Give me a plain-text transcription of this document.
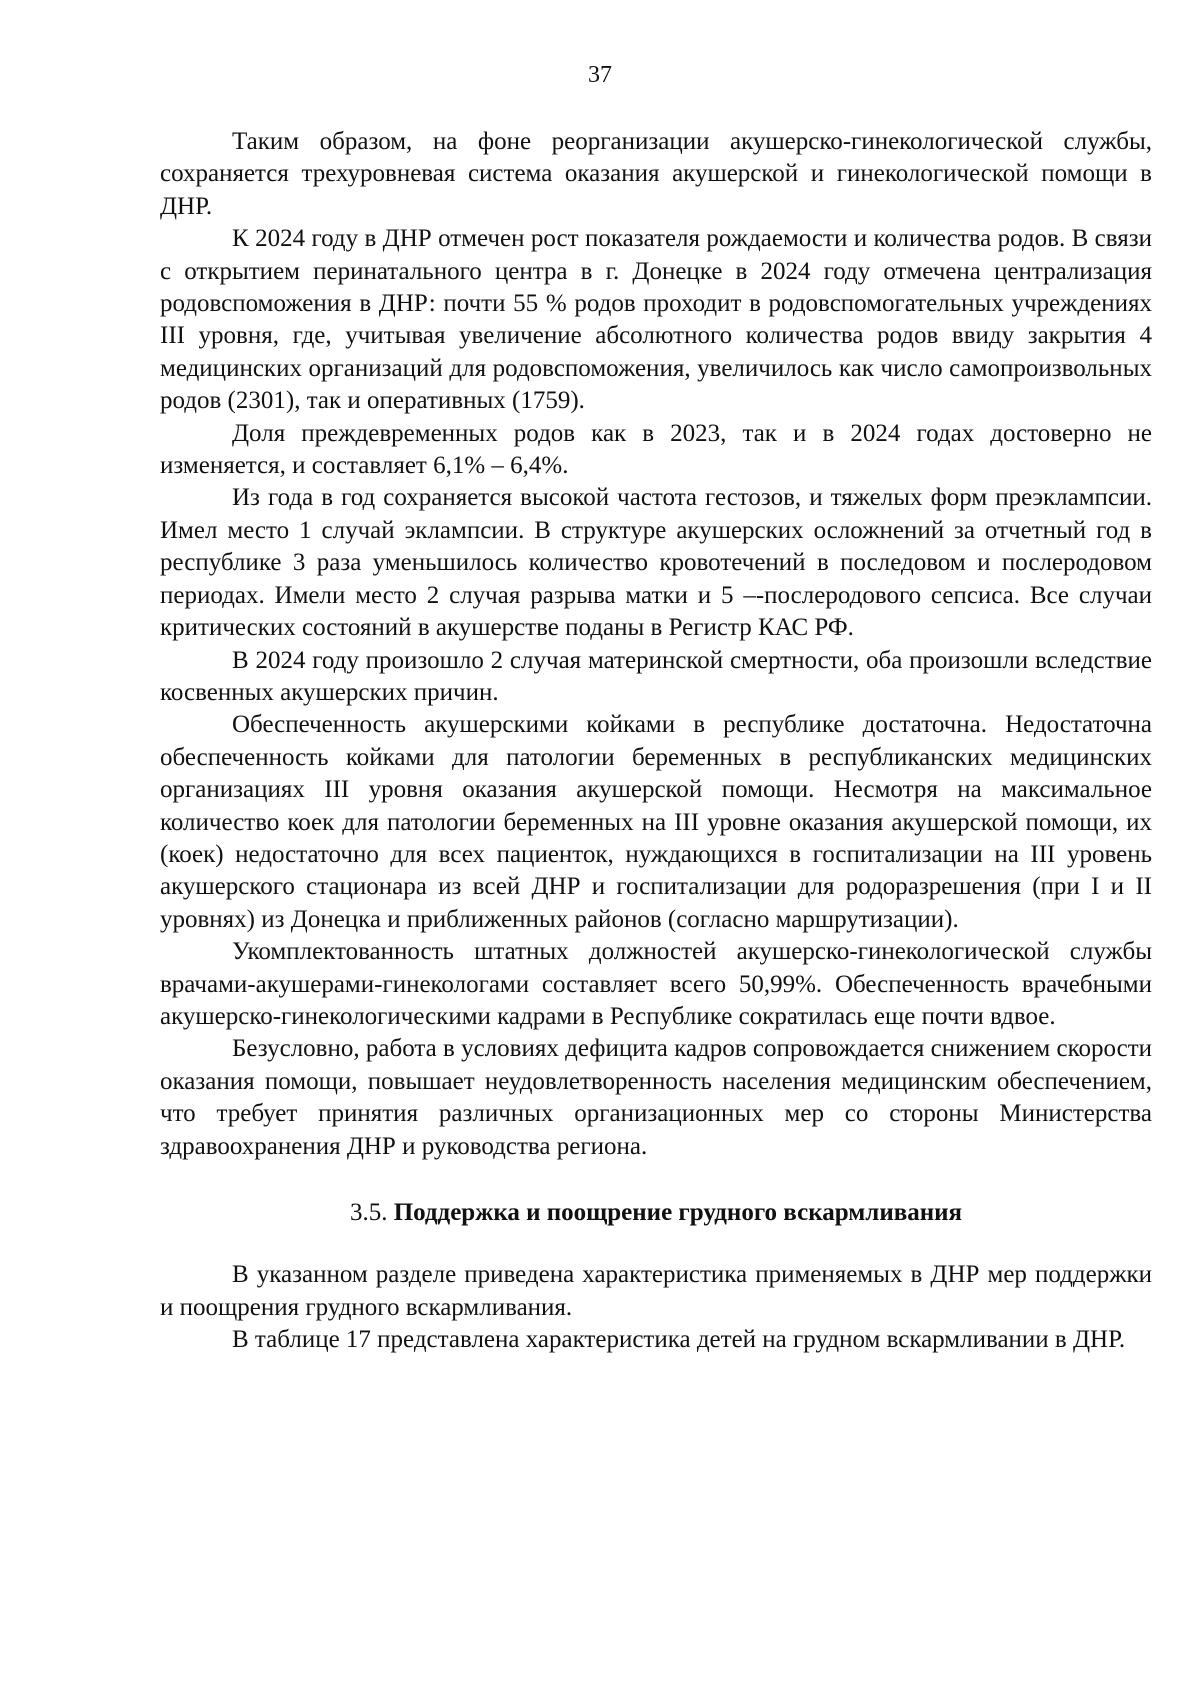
37

Таким образом, на фоне реорганизации акушерско-гинекологической службы, сохраняется трехуровневая система оказания акушерской и гинекологической помощи в ДНР.

К 2024 году в ДНР отмечен рост показателя рождаемости и количества родов. В связи с открытием перинатального центра в г. Донецке в 2024 году отмечена централизация родовспоможения в ДНР: почти 55 % родов проходит в родовспомогательных учреждениях III уровня, где, учитывая увеличение абсолютного количества родов ввиду закрытия 4 медицинских организаций для родовспоможения, увеличилось как число самопроизвольных родов (2301), так и оперативных (1759).

Доля преждевременных родов как в 2023, так и в 2024 годах достоверно не изменяется, и составляет 6,1% – 6,4%.

Из года в год сохраняется высокой частота гестозов, и тяжелых форм преэклампсии. Имел место 1 случай эклампсии. В структуре акушерских осложнений за отчетный год в республике 3 раза уменьшилось количество кровотечений в последовом и послеродовом периодах. Имели место 2 случая разрыва матки и 5 –-послеродового сепсиса. Все случаи критических состояний в акушерстве поданы в Регистр КАС РФ.

В 2024 году произошло 2 случая материнской смертности, оба произошли вследствие косвенных акушерских причин.

Обеспеченность акушерскими койками в республике достаточна. Недостаточна обеспеченность койками для патологии беременных в республиканских медицинских организациях III уровня оказания акушерской помощи. Несмотря на максимальное количество коек для патологии беременных на III уровне оказания акушерской помощи, их (коек) недостаточно для всех пациенток, нуждающихся в госпитализации на III уровень акушерского стационара из всей ДНР и госпитализации для родоразрешения (при I и II уровнях) из Донецка и приближенных районов (согласно маршрутизации).

Укомплектованность штатных должностей акушерско-гинекологической службы врачами-акушерами-гинекологами составляет всего 50,99%. Обеспеченность врачебными акушерско-гинекологическими кадрами в Республике сократилась еще почти вдвое.

Безусловно, работа в условиях дефицита кадров сопровождается снижением скорости оказания помощи, повышает неудовлетворенность населения медицинским обеспечением, что требует принятия различных организационных мер со стороны Министерства здравоохранения ДНР и руководства региона.

3.5. Поддержка и поощрение грудного вскармливания

В указанном разделе приведена характеристика применяемых в ДНР мер поддержки и поощрения грудного вскармливания.

В таблице 17 представлена характеристика детей на грудном вскармливании в ДНР.
